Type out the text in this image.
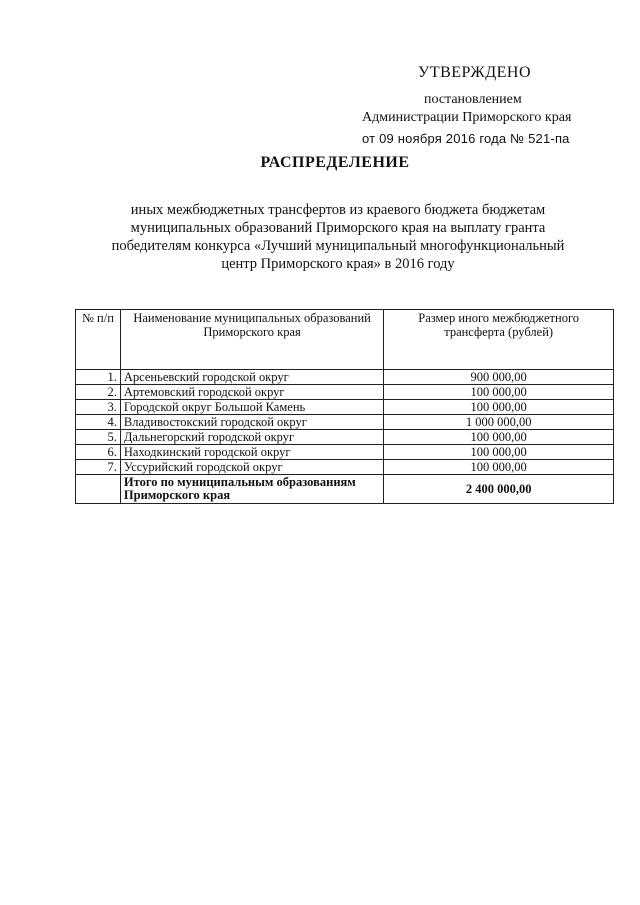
УТВЕРЖДЕНО
постановлением
Администрации Приморского края
от 09 ноября 2016 года № 521-па
РАСПРЕДЕЛЕНИЕ
иных межбюджетных трансфертов из краевого бюджета бюджетам
муниципальных образований Приморского края на выплату гранта
победителям конкурса «Лучший муниципальный многофункциональный
центр Приморского края» в 2016 году
№ п/п	Наименование муниципальных образований Приморского края	Размер иного межбюджетного трансферта (рублей)
1.	Арсеньевский городской округ	900 000,00
2.	Артемовский городской округ	100 000,00
3.	Городской округ Большой Камень	100 000,00
4.	Владивостокский городской округ	1 000 000,00
5.	Дальнегорский городской округ	100 000,00
6.	Находкинский городской округ	100 000,00
7.	Уссурийский городской округ	100 000,00
	Итого по муниципальным образованиям Приморского края	2 400 000,00
